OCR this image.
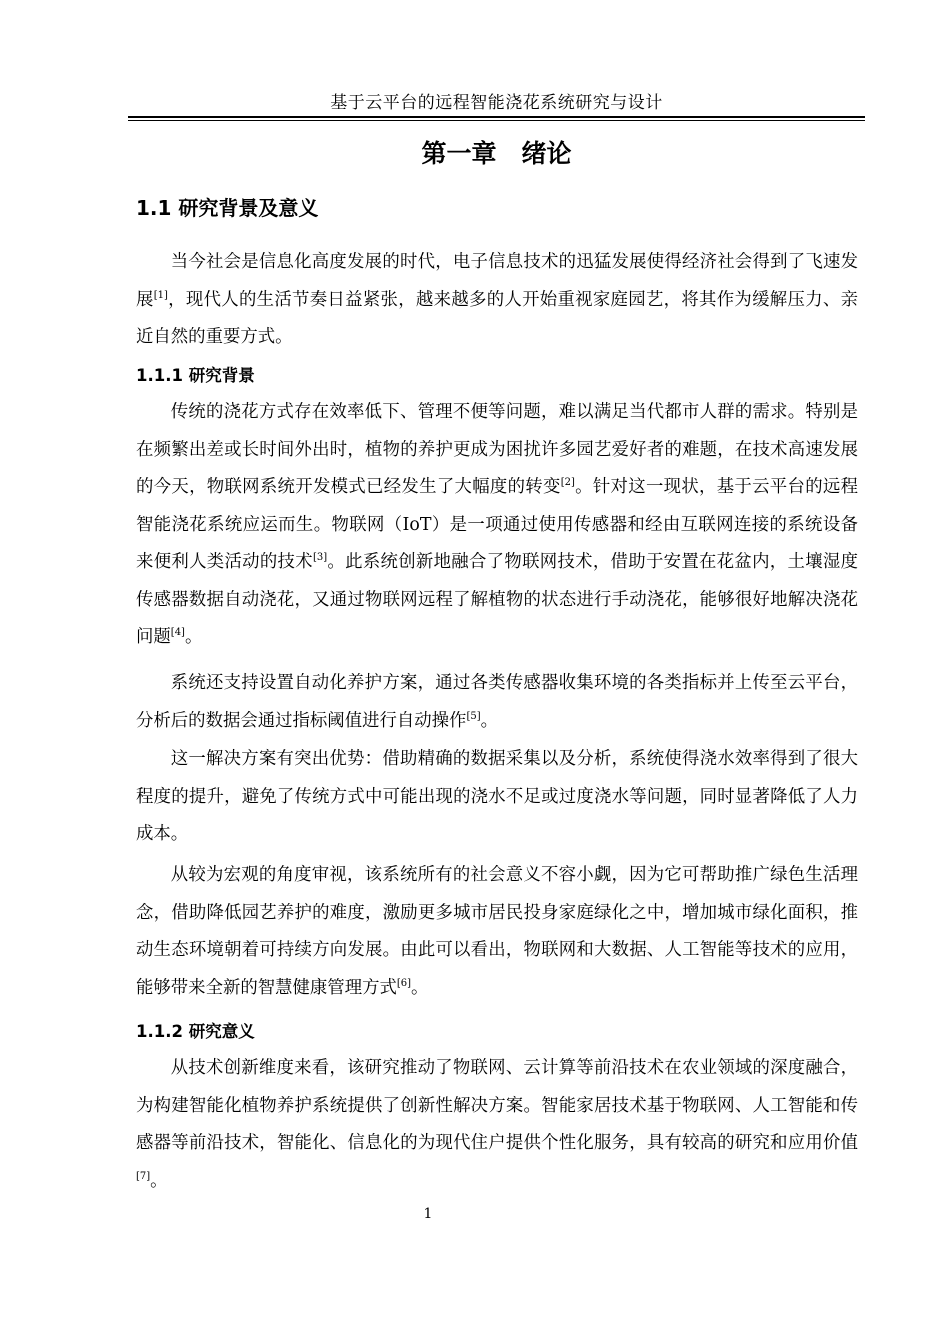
基于云平台的远程智能浇花系统研究与设计
第一章　绪论
1.1 研究背景及意义

当今社会是信息化高度发展的时代，电子信息技术的迅猛发展使得经济社会得到了飞速发展[1]，现代人的生活节奏日益紧张，越来越多的人开始重视家庭园艺，将其作为缓解压力、亲近自然的重要方式。

1.1.1 研究背景

传统的浇花方式存在效率低下、管理不便等问题，难以满足当代都市人群的需求。特别是在频繁出差或长时间外出时，植物的养护更成为困扰许多园艺爱好者的难题，在技术高速发展的今天，物联网系统开发模式已经发生了大幅度的转变[2]。针对这一现状，基于云平台的远程智能浇花系统应运而生。物联网（IoT）是一项通过使用传感器和经由互联网连接的系统设备来便利人类活动的技术[3]。此系统创新地融合了物联网技术，借助于安置在花盆内，土壤湿度传感器数据自动浇花，又通过物联网远程了解植物的状态进行手动浇花，能够很好地解决浇花问题[4]。

系统还支持设置自动化养护方案，通过各类传感器收集环境的各类指标并上传至云平台，分析后的数据会通过指标阈值进行自动操作[5]。

这一解决方案有突出优势：借助精确的数据采集以及分析，系统使得浇水效率得到了很大程度的提升，避免了传统方式中可能出现的浇水不足或过度浇水等问题，同时显著降低了人力成本。

从较为宏观的角度审视，该系统所有的社会意义不容小觑，因为它可帮助推广绿色生活理念，借助降低园艺养护的难度，激励更多城市居民投身家庭绿化之中，增加城市绿化面积，推动生态环境朝着可持续方向发展。由此可以看出，物联网和大数据、人工智能等技术的应用，能够带来全新的智慧健康管理方式[6]。

1.1.2 研究意义

从技术创新维度来看，该研究推动了物联网、云计算等前沿技术在农业领域的深度融合，为构建智能化植物养护系统提供了创新性解决方案。智能家居技术基于物联网、人工智能和传感器等前沿技术，智能化、信息化的为现代住户提供个性化服务，具有较高的研究和应用价值[7]。

1
